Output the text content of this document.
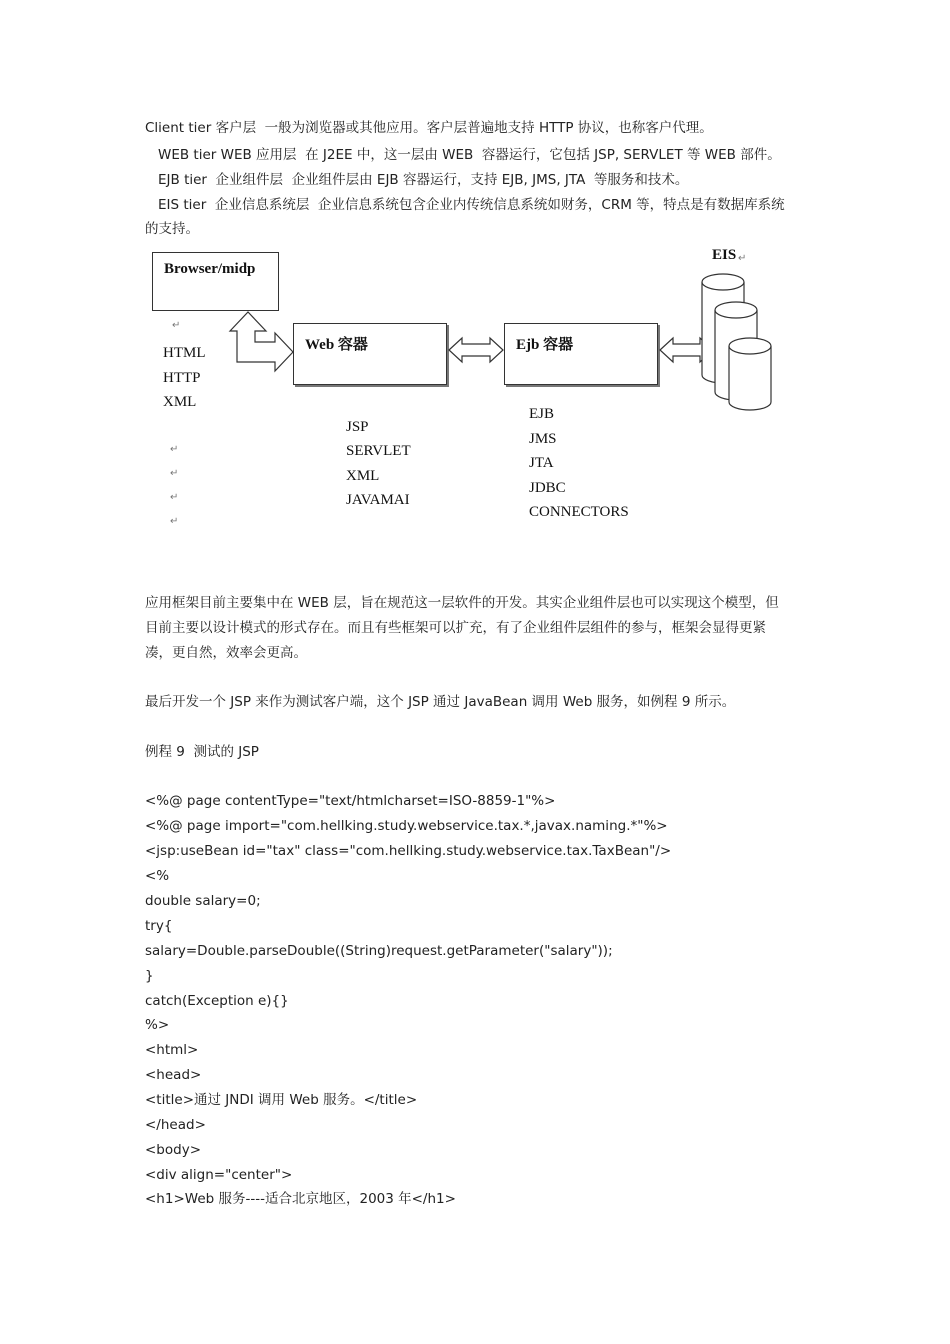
Client tier 客户层  一般为浏览器或其他应用。客户层普遍地支持 HTTP 协议，也称客户代理。
WEB tier WEB 应用层  在 J2EE 中，这一层由 WEB  容器运行，它包括 JSP, SERVLET 等 WEB 部件。
EJB tier  企业组件层  企业组件层由 EJB 容器运行，支持 EJB, JMS, JTA  等服务和技术。
EIS tier  企业信息系统层  企业信息系统包含企业内传统信息系统如财务，CRM 等，特点是有数据库系统
的支持。
Browser/midp
Web 容器	Ejb 容器
EIS ↵
↵
HTML
HTTP
XML
↵
↵
↵
↵
JSP
SERVLET
XML
JAVAMAI
EJB
JMS
JTA
JDBC
CONNECTORS
应用框架目前主要集中在 WEB 层，旨在规范这一层软件的开发。其实企业组件层也可以实现这个模型，但
目前主要以设计模式的形式存在。而且有些框架可以扩充，有了企业组件层组件的参与，框架会显得更紧
凑，更自然，效率会更高。
最后开发一个 JSP 来作为测试客户端，这个 JSP 通过 JavaBean 调用 Web 服务，如例程 9 所示。
例程 9  测试的 JSP
<%@ page contentType="text/htmlcharset=ISO-8859-1"%>
<%@ page import="com.hellking.study.webservice.tax.*,javax.naming.*"%>
<jsp:useBean id="tax" class="com.hellking.study.webservice.tax.TaxBean"/>
<%
double salary=0;
try{
salary=Double.parseDouble((String)request.getParameter("salary"));
}
catch(Exception e){}
%>
<html>
<head>
<title>通过 JNDI 调用 Web 服务。</title>
</head>
<body>
<div align="center">
<h1>Web 服务----适合北京地区，2003 年</h1>
